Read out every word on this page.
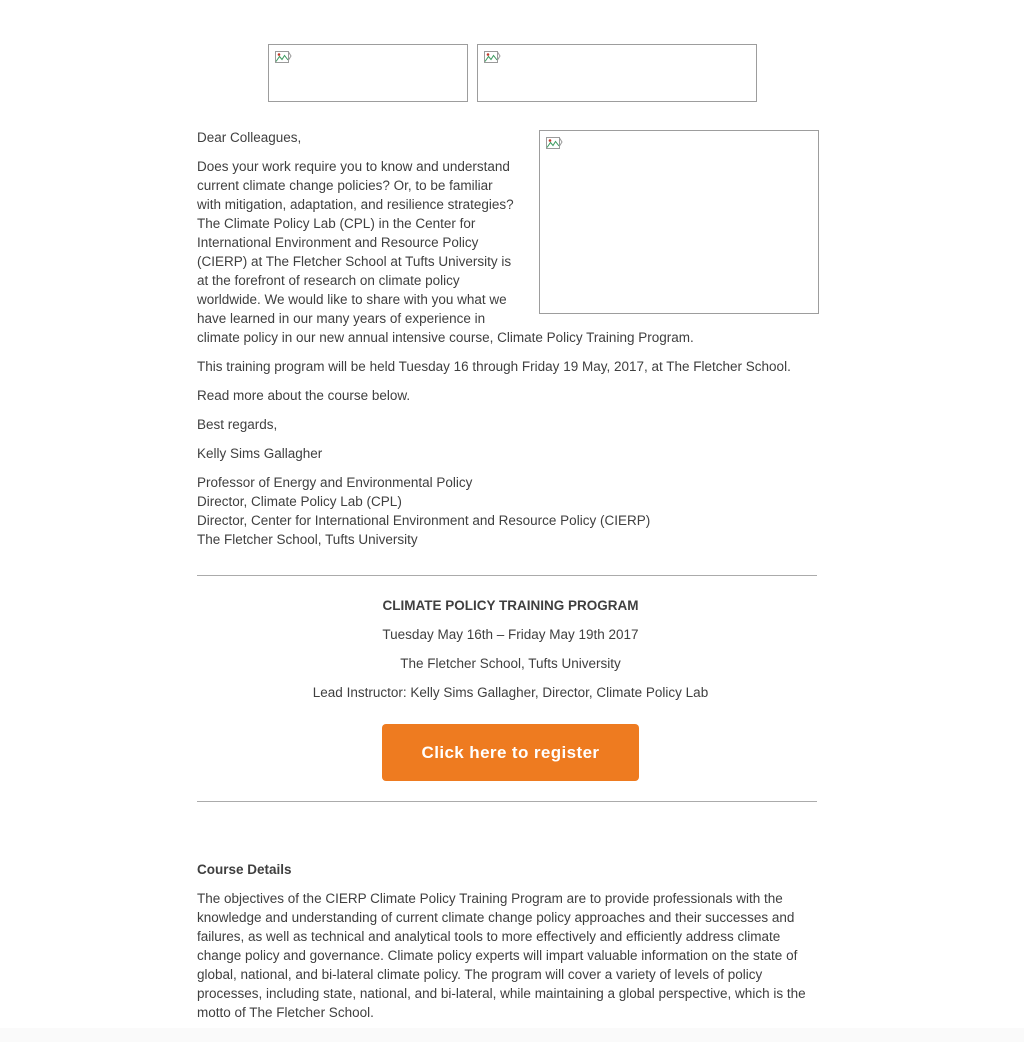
Dear Colleagues,

Does your work require you to know and understand current climate change policies? Or, to be familiar with mitigation, adaptation, and resilience strategies? The Climate Policy Lab (CPL) in the Center for International Environment and Resource Policy (CIERP) at The Fletcher School at Tufts University is at the forefront of research on climate policy worldwide. We would like to share with you what we have learned in our many years of experience in climate policy in our new annual intensive course, Climate Policy Training Program.

This training program will be held Tuesday 16 through Friday 19 May, 2017, at The Fletcher School.

Read more about the course below.

Best regards,

Kelly Sims Gallagher

Professor of Energy and Environmental Policy
Director, Climate Policy Lab (CPL)
Director, Center for International Environment and Resource Policy (CIERP)
The Fletcher School, Tufts University

CLIMATE POLICY TRAINING PROGRAM

Tuesday May 16th – Friday May 19th 2017

The Fletcher School, Tufts University

Lead Instructor: Kelly Sims Gallagher, Director, Climate Policy Lab

Click here to register

Course Details

The objectives of the CIERP Climate Policy Training Program are to provide professionals with the knowledge and understanding of current climate change policy approaches and their successes and failures, as well as technical and analytical tools to more effectively and efficiently address climate change policy and governance. Climate policy experts will impart valuable information on the state of global, national, and bi-lateral climate policy. The program will cover a variety of levels of policy processes, including state, national, and bi-lateral, while maintaining a global perspective, which is the motto of The Fletcher School.
